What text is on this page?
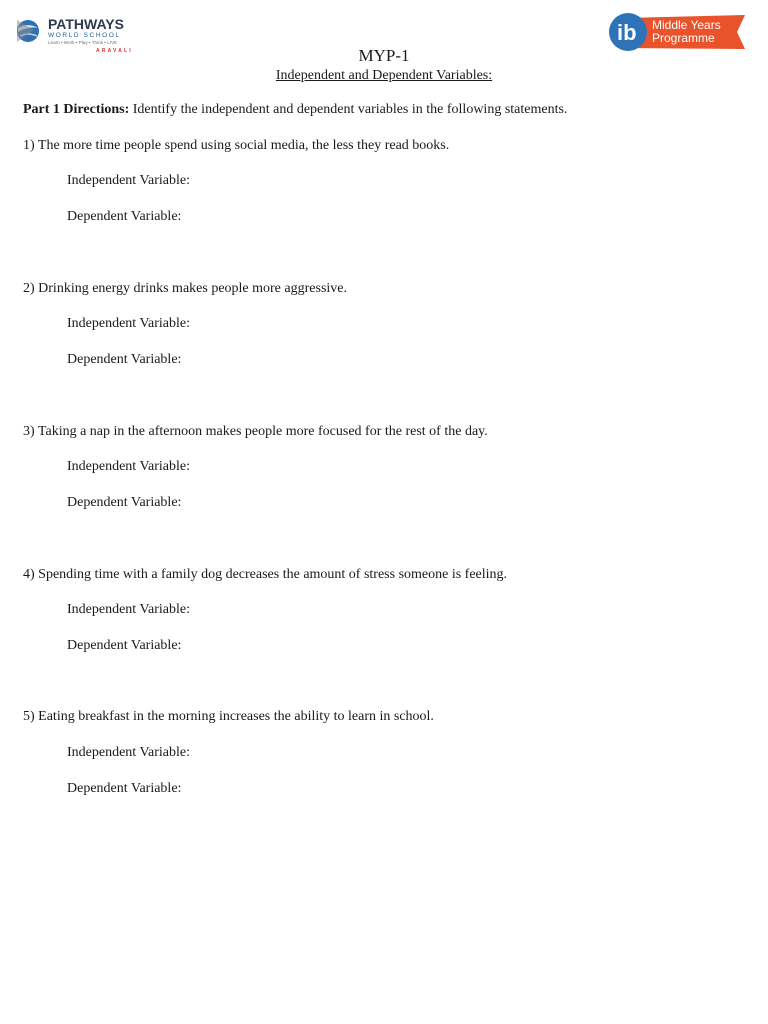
PATHWAYS
WORLD SCHOOL
Learn • Work • Play • Think • LIVE
ARAVALI
ib Middle Years
Programme
MYP-1
Independent and Dependent Variables:
Part 1 Directions: Identify the independent and dependent variables in the following statements.
1) The more time people spend using social media, the less they read books.
Independent Variable:
Dependent Variable:
2) Drinking energy drinks makes people more aggressive.
Independent Variable:
Dependent Variable:
3) Taking a nap in the afternoon makes people more focused for the rest of the day.
Independent Variable:
Dependent Variable:
4) Spending time with a family dog decreases the amount of stress someone is feeling.
Independent Variable:
Dependent Variable:
5) Eating breakfast in the morning increases the ability to learn in school.
Independent Variable:
Dependent Variable:
